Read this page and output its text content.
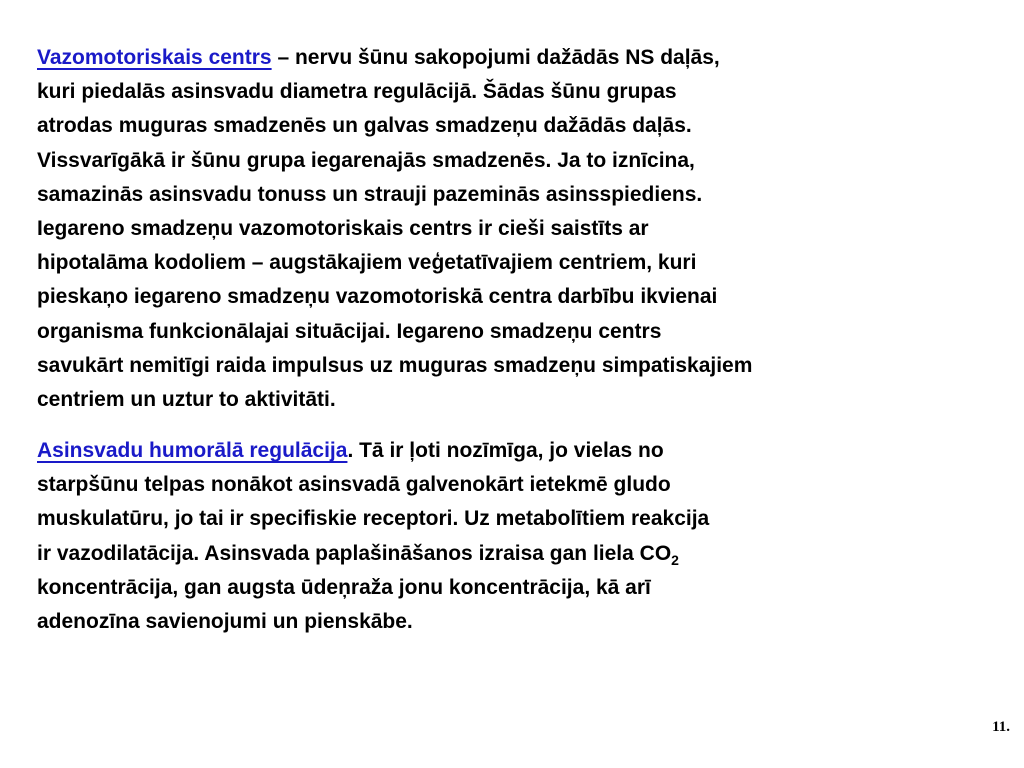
Vazomotoriskais centrs – nervu šūnu sakopojumi dažādās NS daļās,
kuri piedalās asinsvadu diametra regulācijā. Šādas šūnu grupas
atrodas muguras smadzenēs un galvas smadzeņu dažādās daļās.
Vissvarīgākā ir šūnu grupa iegarenajās smadzenēs. Ja to iznīcina,
samazinās asinsvadu tonuss un strauji pazeminās asinsspiediens.
Iegareno smadzeņu vazomotoriskais centrs ir cieši saistīts ar
hipotalāma kodoliem – augstākajiem veģetatīvajiem centriem, kuri
pieskaņo iegareno smadzeņu vazomotoriskā centra darbību ikvienai
organisma funkcionālajai situācijai. Iegareno smadzeņu centrs
savukārt nemitīgi raida impulsus uz muguras smadzeņu simpatiskajiem
centriem un uztur to aktivitāti.

Asinsvadu humorālā regulācija. Tā ir ļoti nozīmīga, jo vielas no
starpšūnu telpas nonākot asinsvadā galvenokārt ietekmē gludo
muskulatūru, jo tai ir specifiskie receptori. Uz metabolītiem reakcija
ir vazodilatācija. Asinsvada paplašināšanos izraisa gan liela $CO_2$
koncentrācija, gan augsta ūdeņraža jonu koncentrācija, kā arī
adenozīna savienojumi un pienskābe.

11.
